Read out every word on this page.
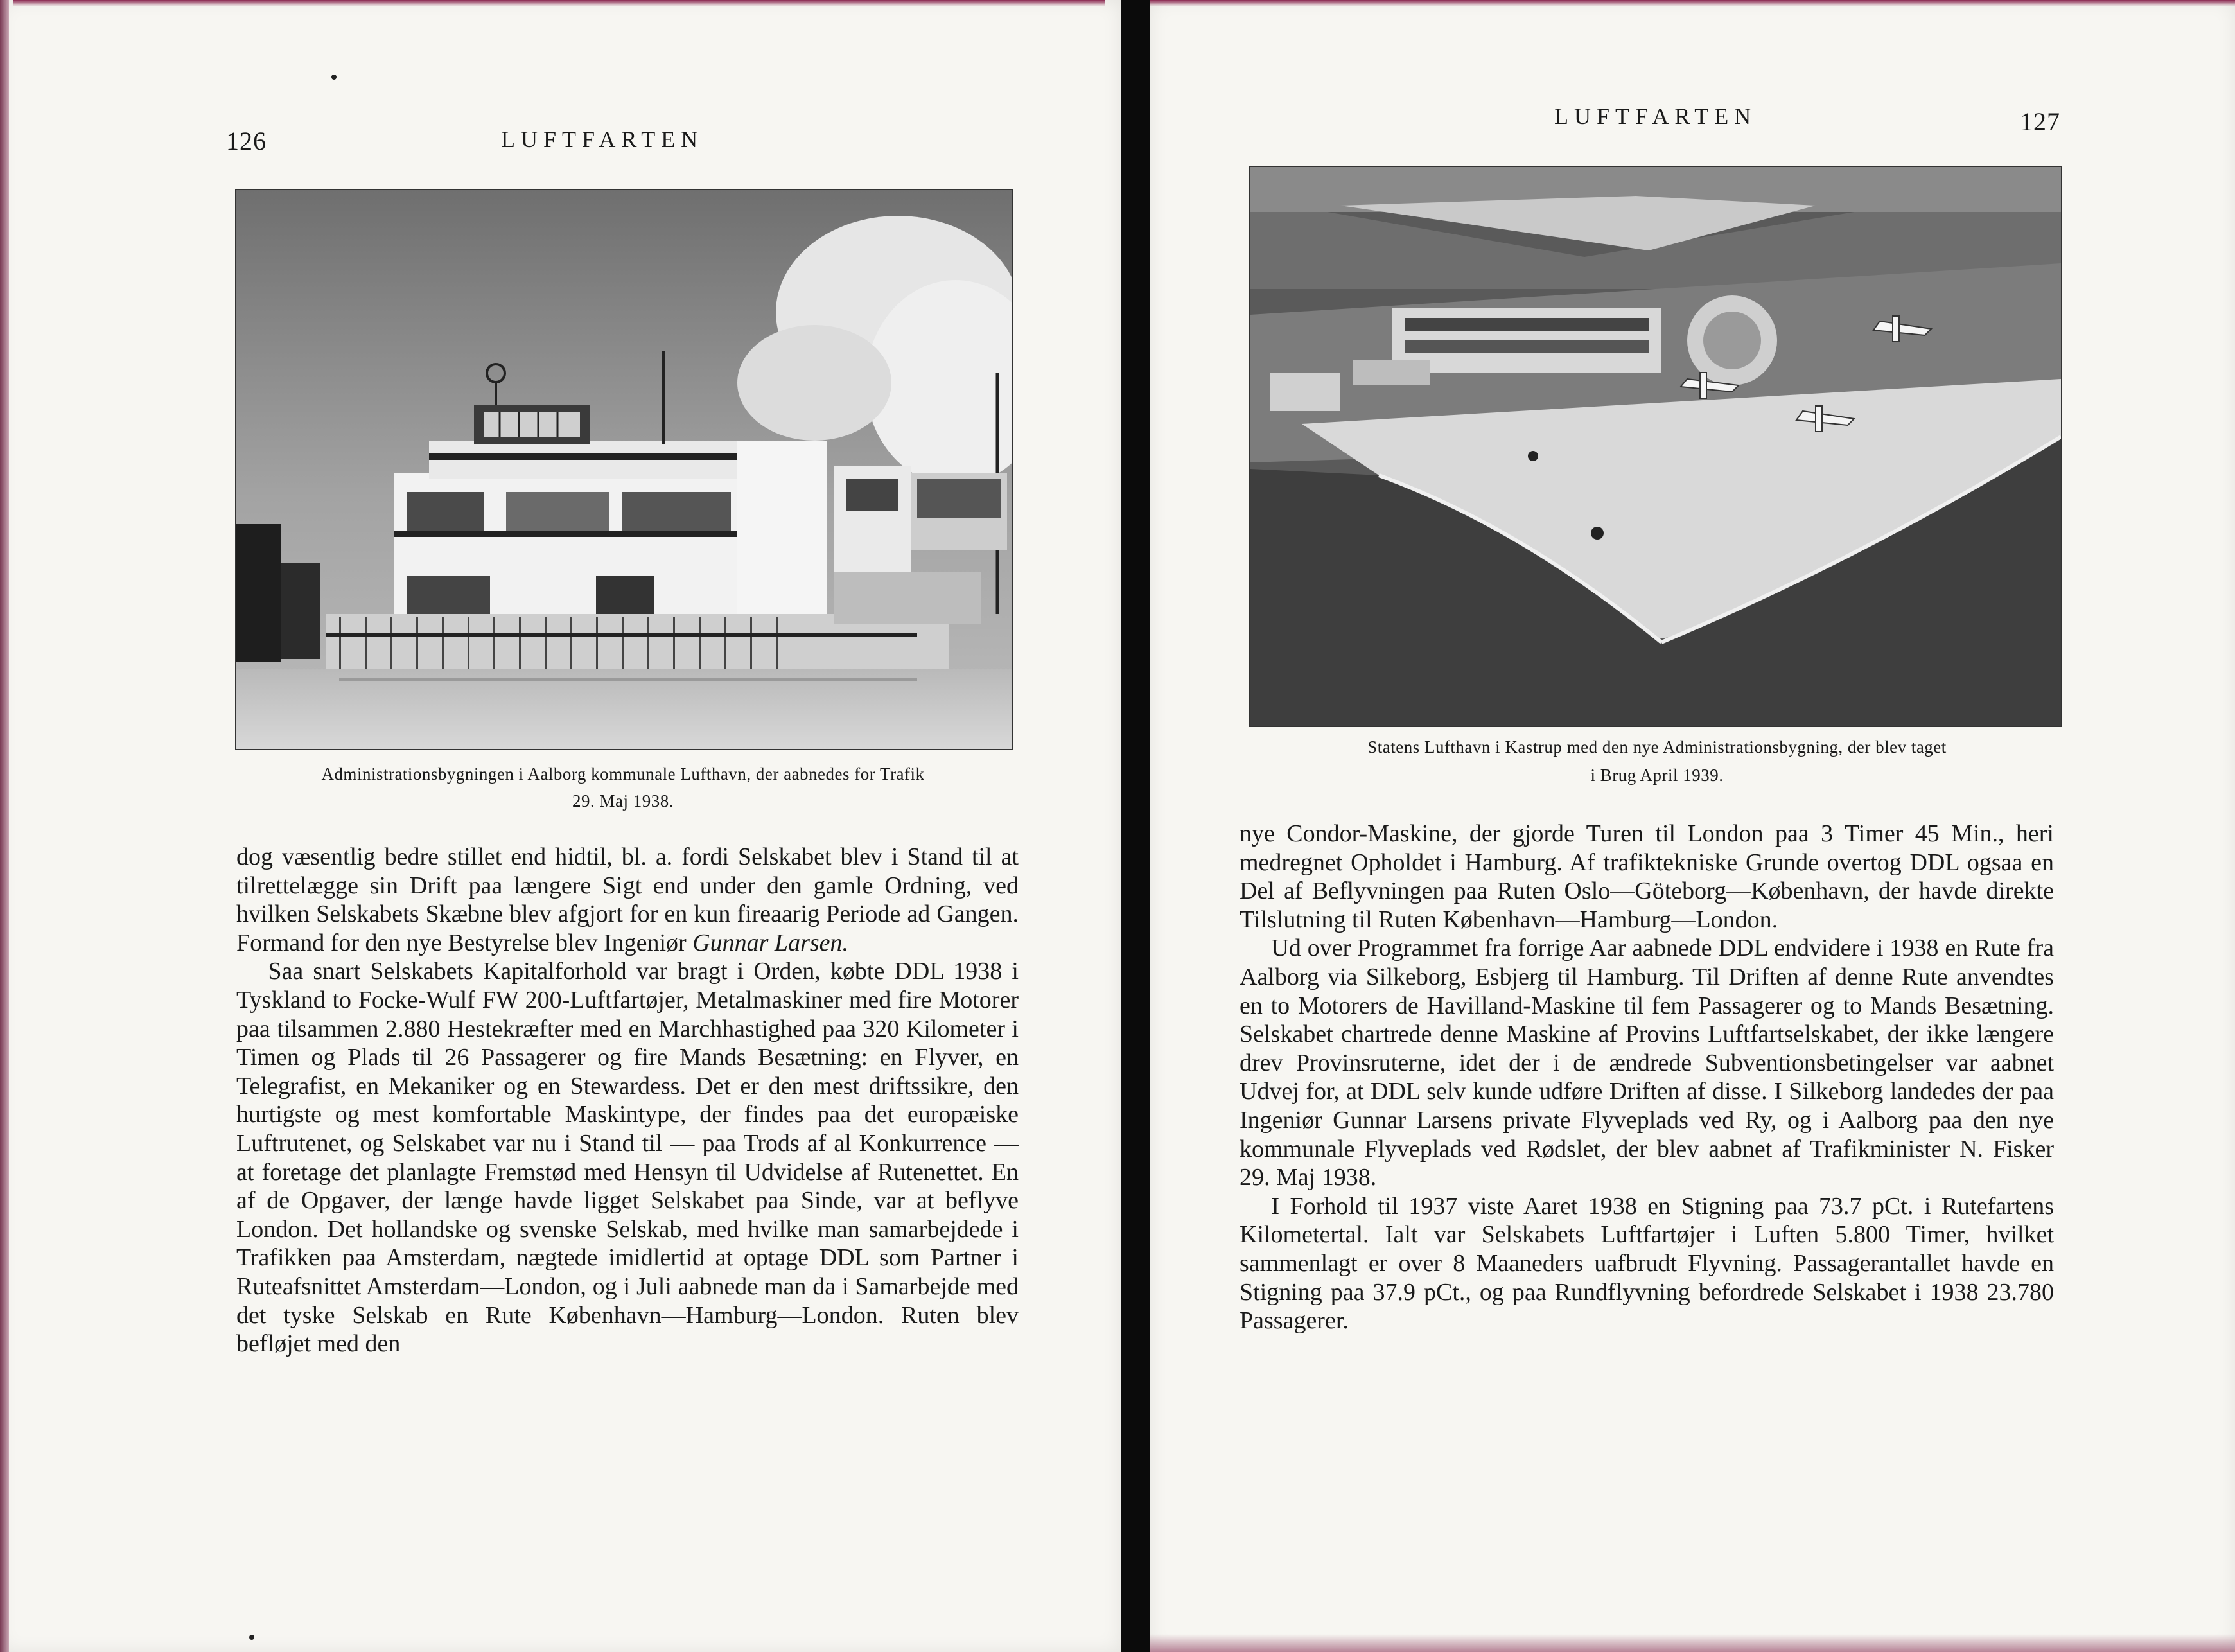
126	LUFTFARTEN
Administrationsbygningen i Aalborg kommunale Lufthavn, der aabnedes for Trafik
29. Maj 1938.

dog væsentlig bedre stillet end hidtil, bl. a. fordi Selskabet blev i Stand til at tilrettelægge sin Drift paa længere Sigt end under den gamle Ordning, ved hvilken Selskabets Skæbne blev afgjort for en kun fireaarig Periode ad Gangen. Formand for den nye Bestyrelse blev Ingeniør Gunnar Larsen.

Saa snart Selskabets Kapitalforhold var bragt i Orden, købte DDL 1938 i Tyskland to Focke-Wulf FW 200-Luftfartøjer, Metalmaskiner med fire Motorer paa tilsammen 2.880 Hestekræfter med en Marchhastighed paa 320 Kilometer i Timen og Plads til 26 Passagerer og fire Mands Besætning: en Flyver, en Telegrafist, en Mekaniker og en Stewardess. Det er den mest driftssikre, den hurtigste og mest komfortable Maskintype, der findes paa det europæiske Luftrutenet, og Selskabet var nu i Stand til — paa Trods af al Konkurrence — at foretage det planlagte Fremstød med Hensyn til Udvidelse af Rutenettet. En af de Opgaver, der længe havde ligget Selskabet paa Sinde, var at beflyve London. Det hollandske og svenske Selskab, med hvilke man samarbejdede i Trafikken paa Amsterdam, nægtede imidlertid at optage DDL som Partner i Ruteafsnittet Amsterdam—London, og i Juli aabnede man da i Samarbejde med det tyske Selskab en Rute København—Hamburg—London. Ruten blev befløjet med den

LUFTFARTEN	127
Statens Lufthavn i Kastrup med den nye Administrationsbygning, der blev taget
i Brug April 1939.

nye Condor-Maskine, der gjorde Turen til London paa 3 Timer 45 Min., heri medregnet Opholdet i Hamburg. Af trafiktekniske Grunde overtog DDL ogsaa en Del af Beflyvningen paa Ruten Oslo—Göteborg—København, der havde direkte Tilslutning til Ruten København—Hamburg—London.

Ud over Programmet fra forrige Aar aabnede DDL endvidere i 1938 en Rute fra Aalborg via Silkeborg, Esbjerg til Hamburg. Til Driften af denne Rute anvendtes en to Motorers de Havilland-Maskine til fem Passagerer og to Mands Besætning. Selskabet chartrede denne Maskine af Provins Luftfartselskabet, der ikke længere drev Provinsruterne, idet der i de ændrede Subventionsbetingelser var aabnet Udvej for, at DDL selv kunde udføre Driften af disse. I Silkeborg landedes der paa Ingeniør Gunnar Larsens private Flyveplads ved Ry, og i Aalborg paa den nye kommunale Flyveplads ved Rødslet, der blev aabnet af Trafikminister N. Fisker 29. Maj 1938.

I Forhold til 1937 viste Aaret 1938 en Stigning paa 73.7 pCt. i Rutefartens Kilometertal. Ialt var Selskabets Luftfartøjer i Luften 5.800 Timer, hvilket sammenlagt er over 8 Maaneders uafbrudt Flyvning. Passagerantallet havde en Stigning paa 37.9 pCt., og paa Rundflyvning befordrede Selskabet i 1938 23.780 Passagerer.
